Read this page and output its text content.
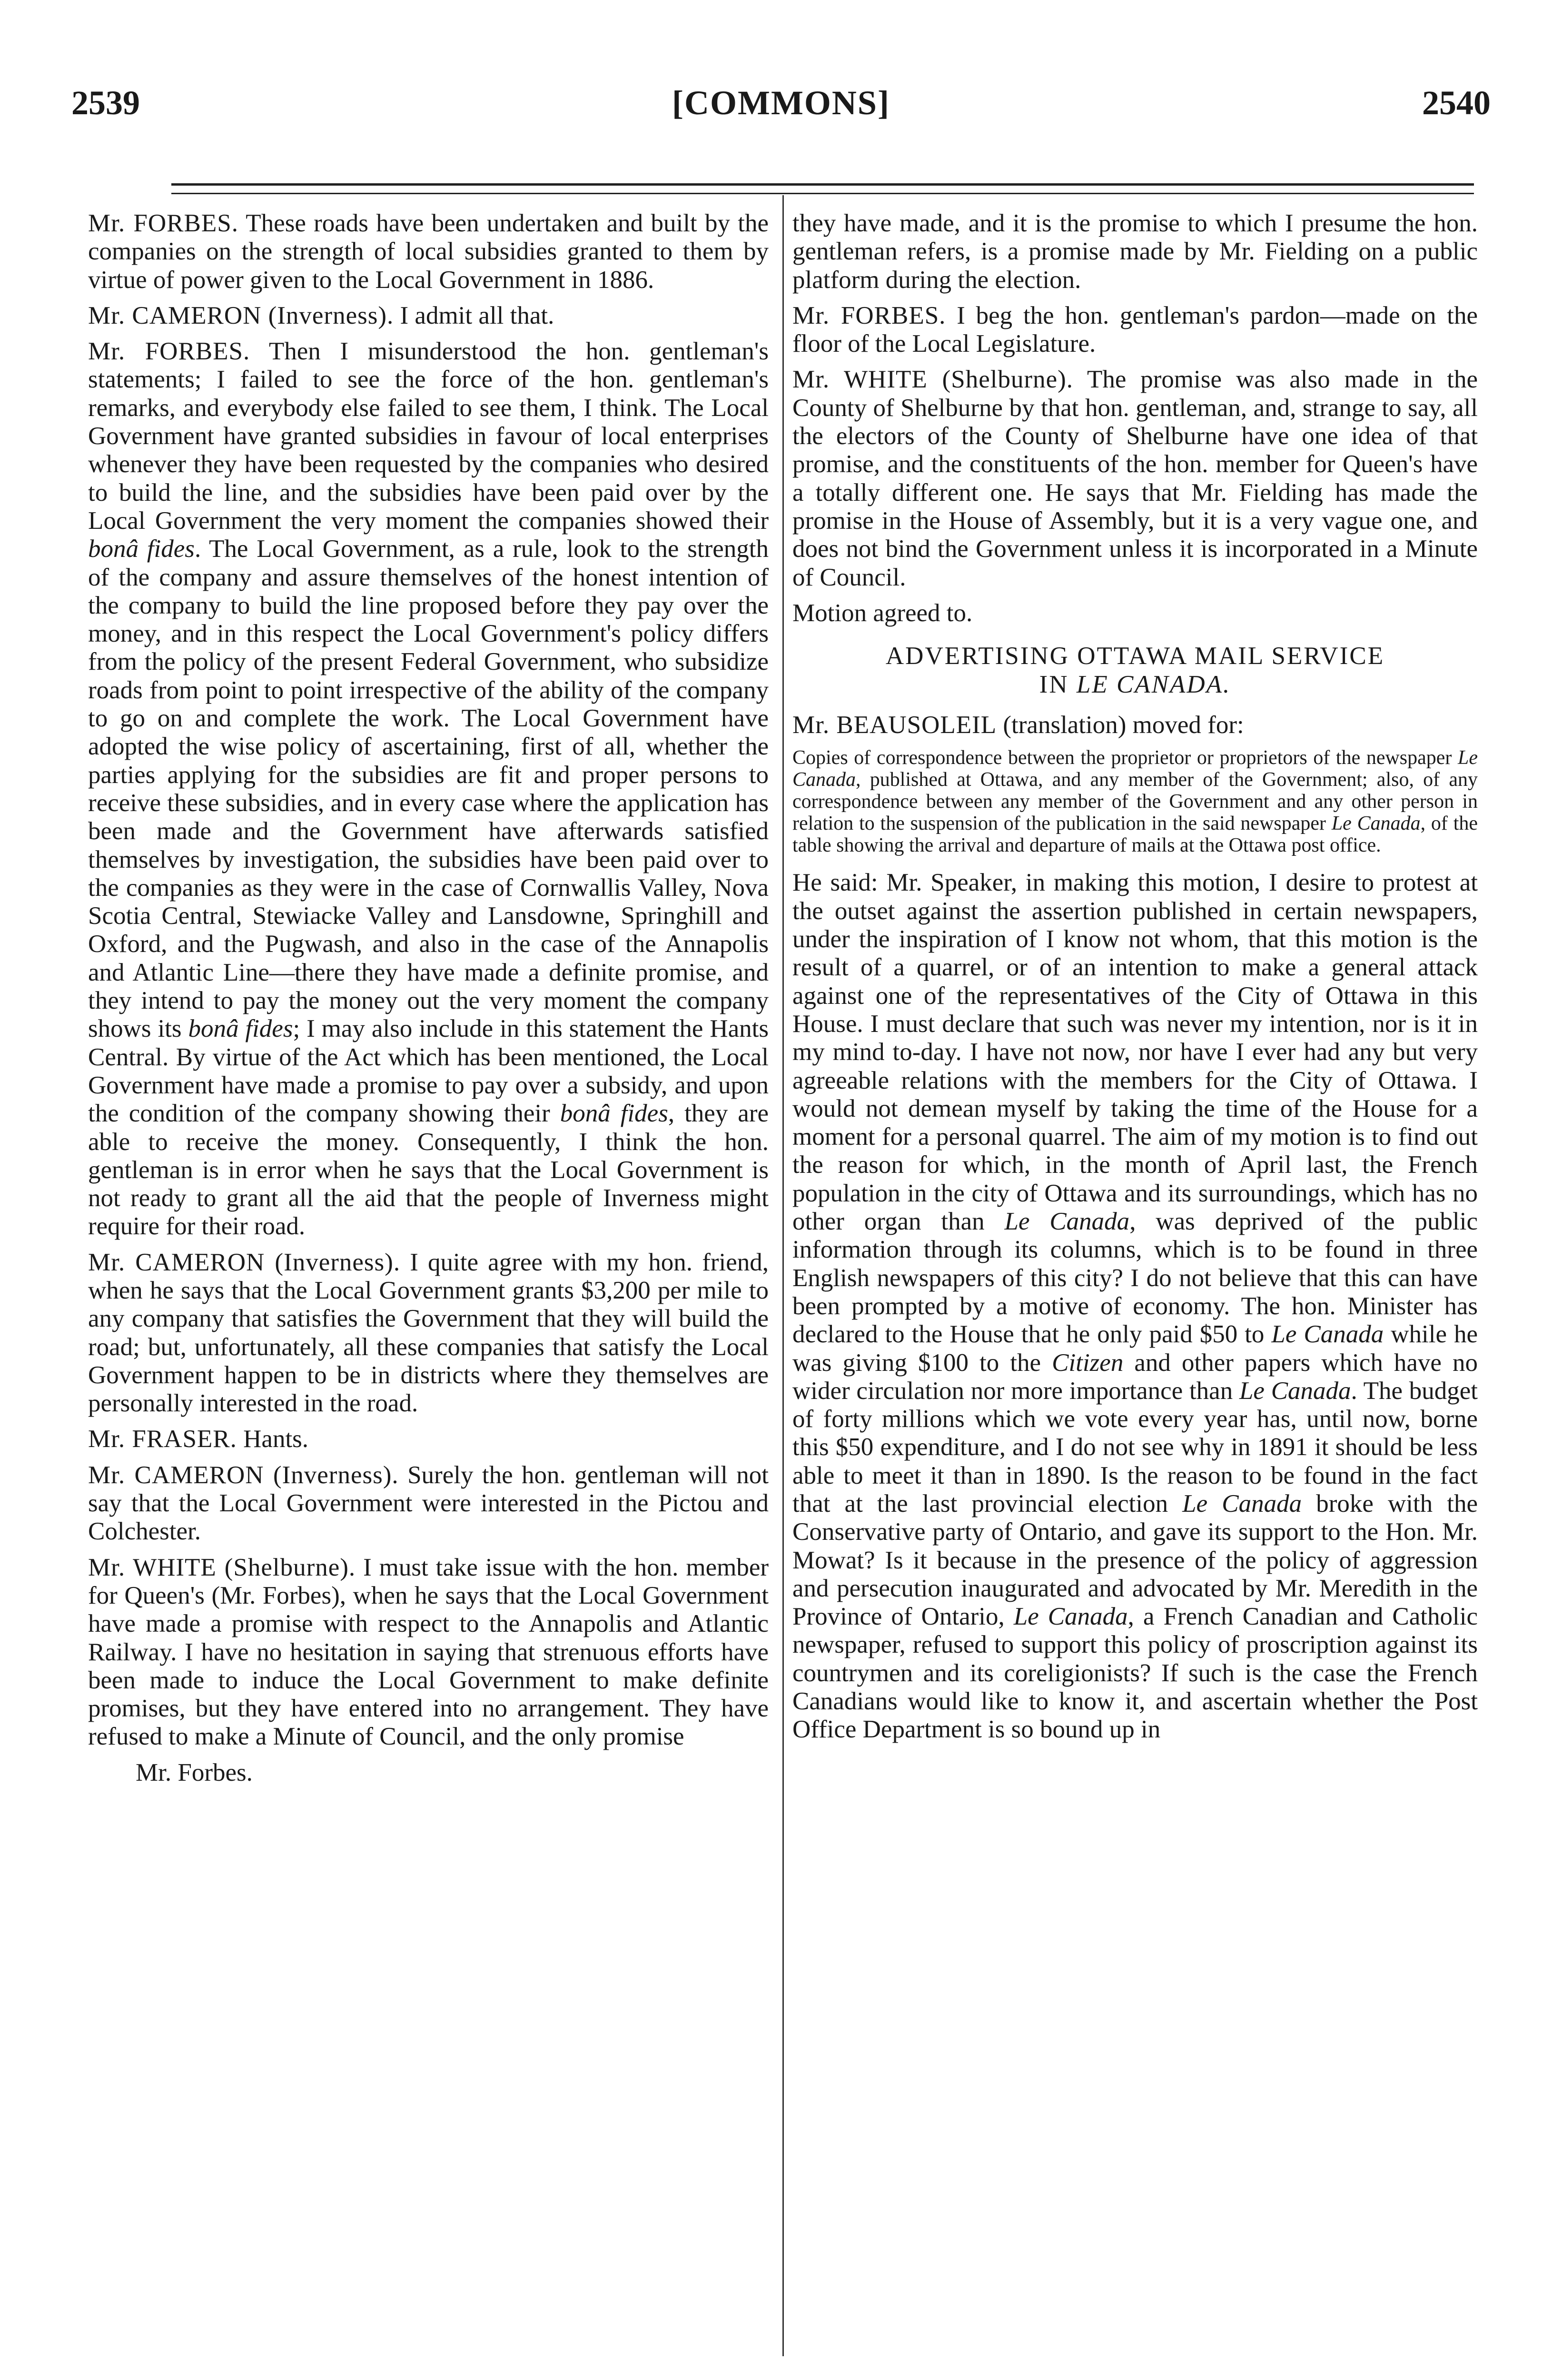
2539	[COMMONS]	2540

Mr. FORBES. These roads have been undertaken and built by the companies on the strength of local subsidies granted to them by virtue of power given to the Local Government in 1886.

Mr. CAMERON (Inverness). I admit all that.

Mr. FORBES. Then I misunderstood the hon. gentleman's statements; I failed to see the force of the hon. gentleman's remarks, and everybody else failed to see them, I think. The Local Government have granted subsidies in favour of local enterprises whenever they have been requested by the companies who desired to build the line, and the subsidies have been paid over by the Local Government the very moment the companies showed their bonâ fides. The Local Government, as a rule, look to the strength of the company and assure themselves of the honest intention of the company to build the line proposed before they pay over the money, and in this respect the Local Government's policy differs from the policy of the present Federal Government, who subsidize roads from point to point irrespective of the ability of the company to go on and complete the work. The Local Government have adopted the wise policy of ascertaining, first of all, whether the parties applying for the subsidies are fit and proper persons to receive these subsidies, and in every case where the application has been made and the Government have afterwards satisfied themselves by investigation, the subsidies have been paid over to the companies as they were in the case of Cornwallis Valley, Nova Scotia Central, Stewiacke Valley and Lansdowne, Springhill and Oxford, and the Pugwash, and also in the case of the Annapolis and Atlantic Line—there they have made a definite promise, and they intend to pay the money out the very moment the company shows its bonâ fides; I may also include in this statement the Hants Central. By virtue of the Act which has been mentioned, the Local Government have made a promise to pay over a subsidy, and upon the condition of the company showing their bonâ fides, they are able to receive the money. Consequently, I think the hon. gentleman is in error when he says that the Local Government is not ready to grant all the aid that the people of Inverness might require for their road.

Mr. CAMERON (Inverness). I quite agree with my hon. friend, when he says that the Local Government grants $3,200 per mile to any company that satisfies the Government that they will build the road; but, unfortunately, all these companies that satisfy the Local Government happen to be in districts where they themselves are personally interested in the road.

Mr. FRASER. Hants.

Mr. CAMERON (Inverness). Surely the hon. gentleman will not say that the Local Government were interested in the Pictou and Colchester.

Mr. WHITE (Shelburne). I must take issue with the hon. member for Queen's (Mr. Forbes), when he says that the Local Government have made a promise with respect to the Annapolis and Atlantic Railway. I have no hesitation in saying that strenuous efforts have been made to induce the Local Government to make definite promises, but they have entered into no arrangement. They have refused to make a Minute of Council, and the only promise

Mr. Forbes.

they have made, and it is the promise to which I presume the hon. gentleman refers, is a promise made by Mr. Fielding on a public platform during the election.

Mr. FORBES. I beg the hon. gentleman's pardon—made on the floor of the Local Legislature.

Mr. WHITE (Shelburne). The promise was also made in the County of Shelburne by that hon. gentleman, and, strange to say, all the electors of the County of Shelburne have one idea of that promise, and the constituents of the hon. member for Queen's have a totally different one. He says that Mr. Fielding has made the promise in the House of Assembly, but it is a very vague one, and does not bind the Government unless it is incorporated in a Minute of Council.

Motion agreed to.

ADVERTISING OTTAWA MAIL SERVICE
IN LE CANADA.

Mr. BEAUSOLEIL (translation) moved for:

Copies of correspondence between the proprietor or proprietors of the newspaper Le Canada, published at Ottawa, and any member of the Government; also, of any correspondence between any member of the Government and any other person in relation to the suspension of the publication in the said newspaper Le Canada, of the table showing the arrival and departure of mails at the Ottawa post office.

He said: Mr. Speaker, in making this motion, I desire to protest at the outset against the assertion published in certain newspapers, under the inspiration of I know not whom, that this motion is the result of a quarrel, or of an intention to make a general attack against one of the representatives of the City of Ottawa in this House. I must declare that such was never my intention, nor is it in my mind to-day. I have not now, nor have I ever had any but very agreeable relations with the members for the City of Ottawa. I would not demean myself by taking the time of the House for a moment for a personal quarrel. The aim of my motion is to find out the reason for which, in the month of April last, the French population in the city of Ottawa and its surroundings, which has no other organ than Le Canada, was deprived of the public information through its columns, which is to be found in three English newspapers of this city? I do not believe that this can have been prompted by a motive of economy. The hon. Minister has declared to the House that he only paid $50 to Le Canada while he was giving $100 to the Citizen and other papers which have no wider circulation nor more importance than Le Canada. The budget of forty millions which we vote every year has, until now, borne this $50 expenditure, and I do not see why in 1891 it should be less able to meet it than in 1890. Is the reason to be found in the fact that at the last provincial election Le Canada broke with the Conservative party of Ontario, and gave its support to the Hon. Mr. Mowat? Is it because in the presence of the policy of aggression and persecution inaugurated and advocated by Mr. Meredith in the Province of Ontario, Le Canada, a French Canadian and Catholic newspaper, refused to support this policy of proscription against its countrymen and its coreligionists? If such is the case the French Canadians would like to know it, and ascertain whether the Post Office Department is so bound up in
